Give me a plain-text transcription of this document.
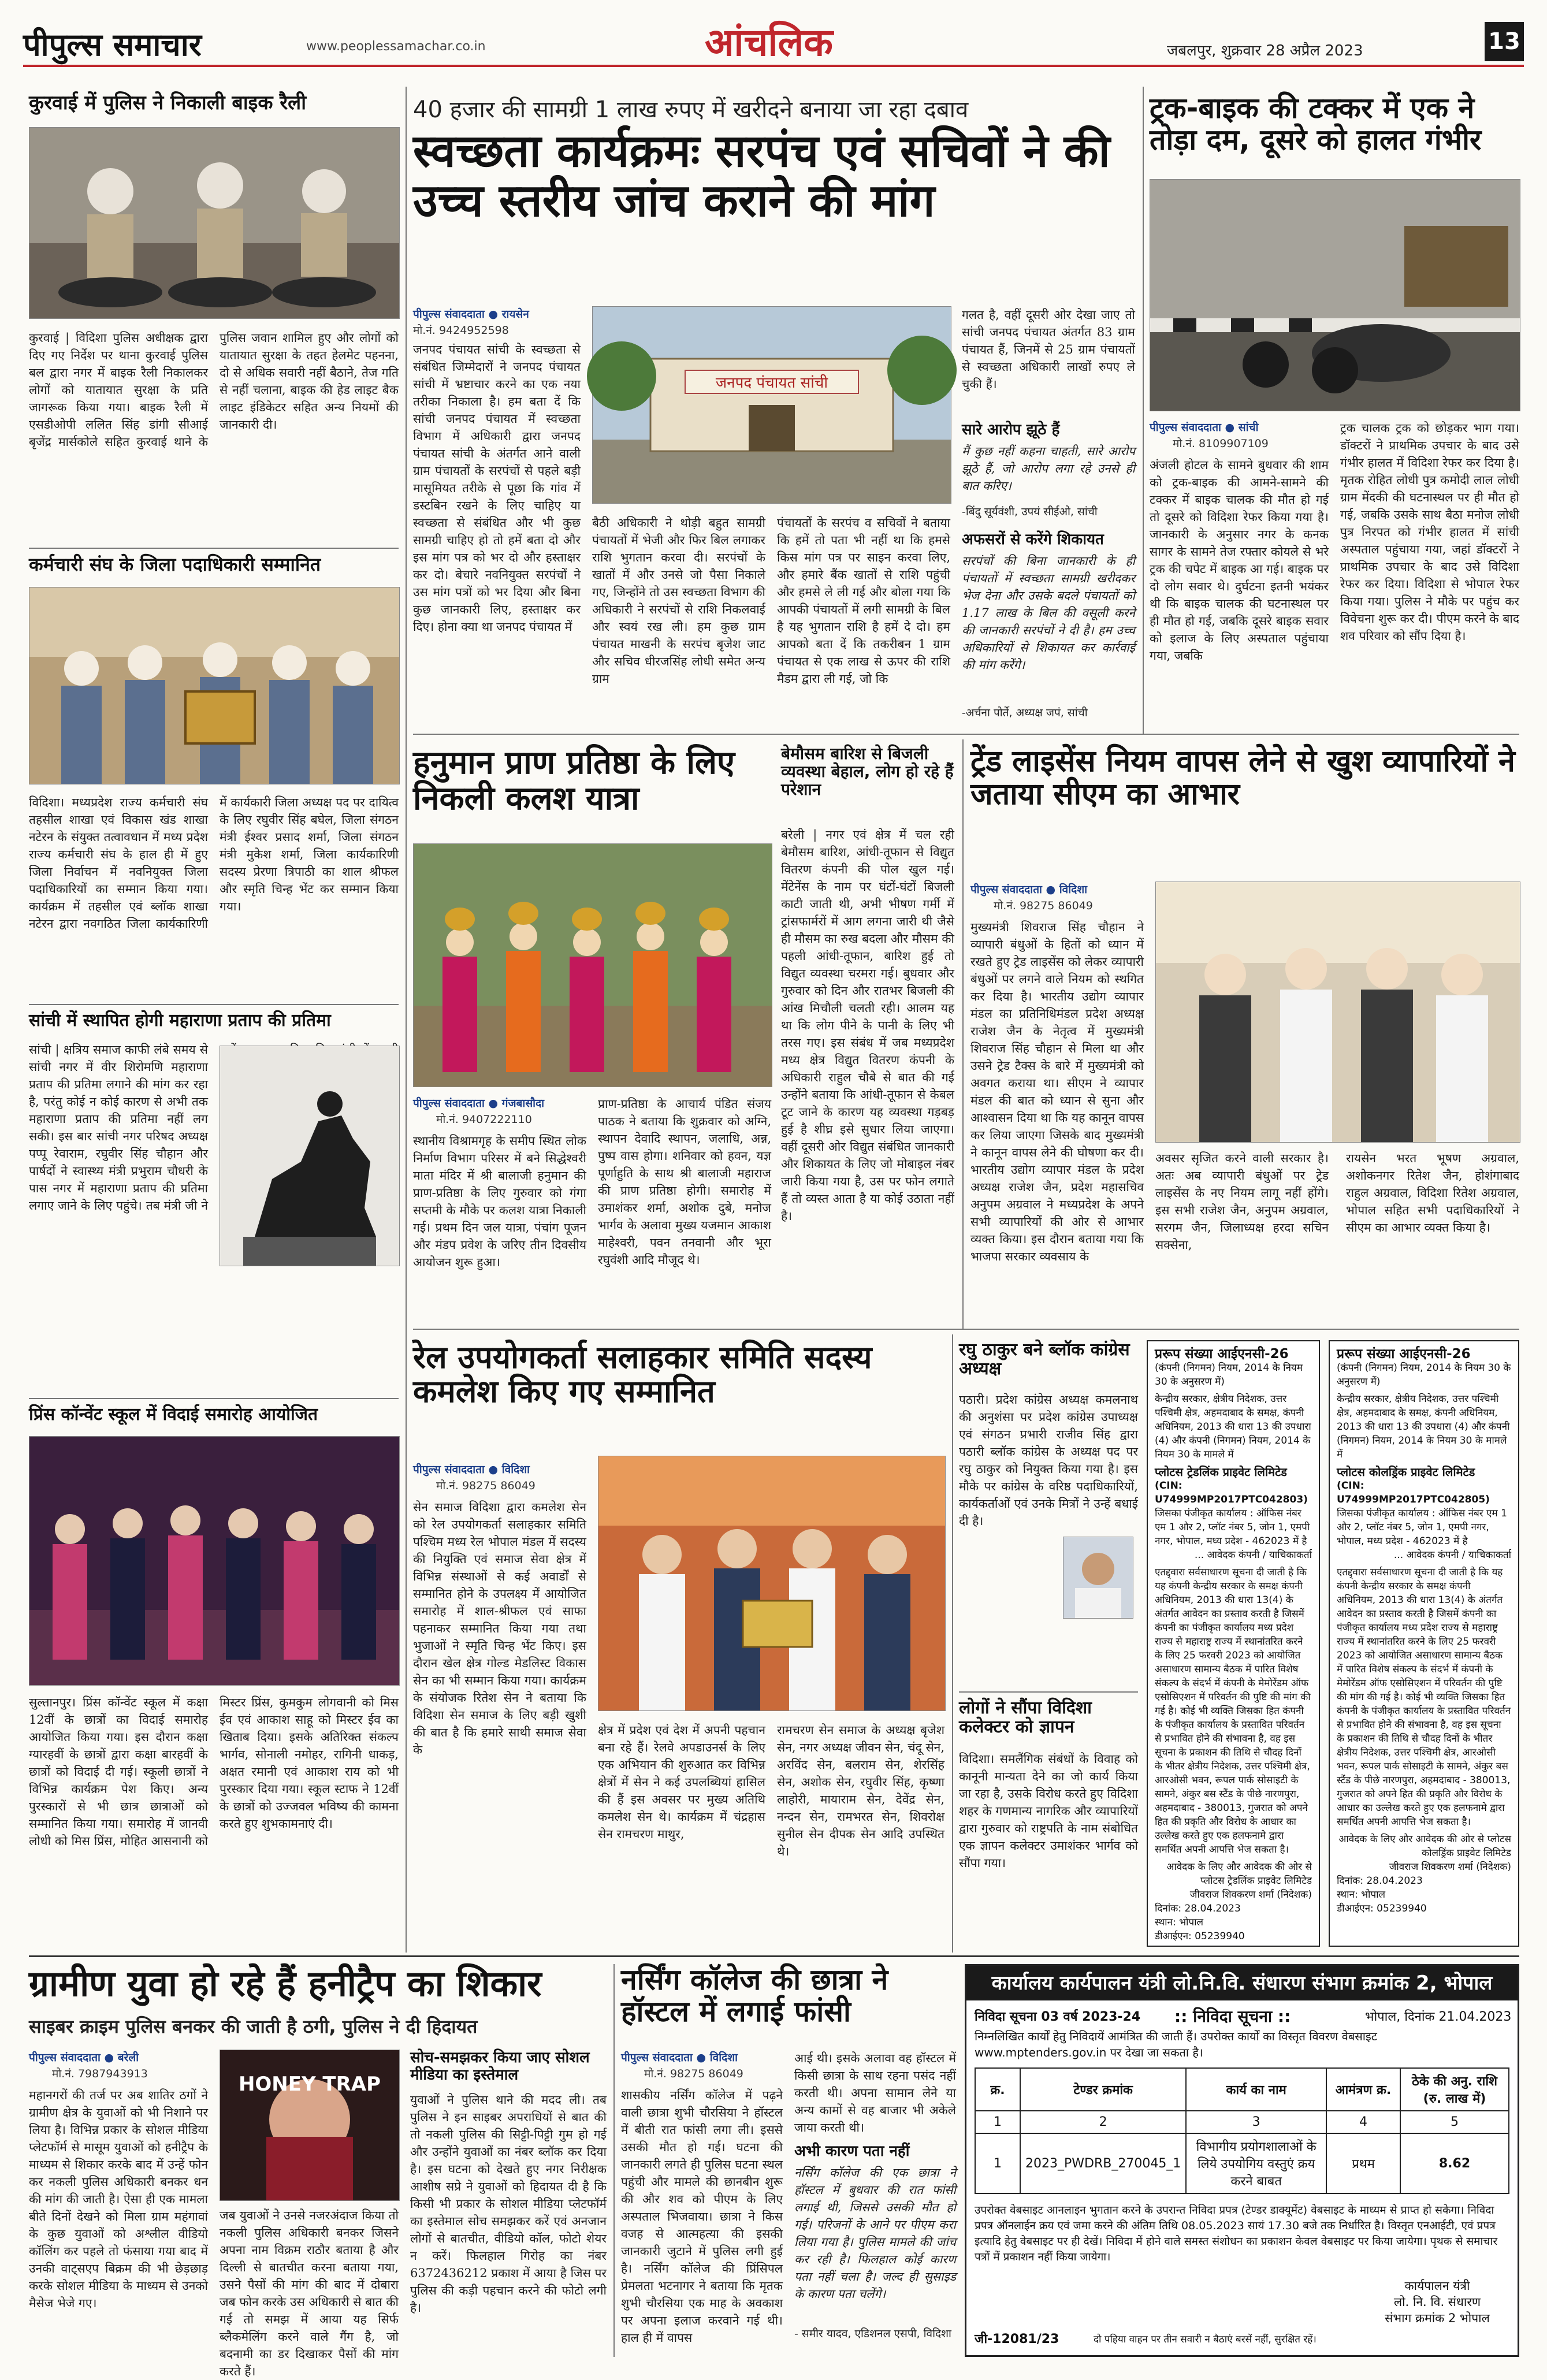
पीपुल्स समाचार	www.peoplessamachar.co.in	आंचलिक	जबलपुर, शुक्रवार 28 अप्रैल 2023	13
कुरवाई में पुलिस ने निकाली बाइक रैली
कुरवाई | विदिशा पुलिस अधीक्षक द्वारा दिए गए निर्देश पर थाना कुरवाई पुलिस बल द्वारा नगर में बाइक रैली निकालकर लोगों को यातायात सुरक्षा के प्रति जागरूक किया गया। बाइक रैली में एसडीओपी ललित सिंह डांगी सीआई बृजेंद्र मार्सकोले सहित कुरवाई थाने के पुलिस जवान शामिल हुए और लोगों को यातायात सुरक्षा के तहत हेलमेट पहनना, दो से अधिक सवारी नहीं बैठाने, तेज गति से नहीं चलाना, बाइक की हेड लाइट बैक लाइट इंडिकेटर सहित अन्य नियमों की जानकारी दी।
कर्मचारी संघ के जिला पदाधिकारी सम्मानित
विदिशा। मध्यप्रदेश राज्य कर्मचारी संघ तहसील शाखा एवं विकास खंड शाखा नटेरन के संयुक्त तत्वावधान में मध्य प्रदेश राज्य कर्मचारी संघ के हाल ही में हुए जिला निर्वाचन में नवनियुक्त जिला पदाधिकारियों का सम्मान किया गया। कार्यक्रम में तहसील एवं ब्लॉक शाखा नटेरन द्वारा नवगठित जिला कार्यकारिणी में कार्यकारी जिला अध्यक्ष पद पर दायित्व के लिए रघुवीर सिंह बघेल, जिला संगठन मंत्री ईश्वर प्रसाद शर्मा, जिला संगठन मंत्री मुकेश शर्मा, जिला कार्यकारिणी सदस्य प्रेरणा त्रिपाठी का शाल श्रीफल और स्मृति चिन्ह भेंट कर सम्मान किया गया।
सांची में स्थापित होगी महाराणा प्रताप की प्रतिमा
सांची | क्षत्रिय समाज काफी लंबे समय से सांची नगर में वीर शिरोमणि महाराणा प्रताप की प्रतिमा लगाने की मांग कर रहा है, परंतु कोई न कोई कारण से अभी तक महाराणा प्रताप की प्रतिमा नहीं लग सकी। इस बार सांची नगर परिषद अध्यक्ष पप्पू रेवाराम, रघुवीर सिंह चौहान और पार्षदों ने स्वास्थ्य मंत्री प्रभुराम चौधरी के पास नगर में महाराणा प्रताप की प्रतिमा लगाए जाने के लिए पहुंचे। तब मंत्री जी ने
प्रिंस कॉन्वेंट स्कूल में विदाई समारोह आयोजित
सुल्तानपुर। प्रिंस कॉन्वेंट स्कूल में कक्षा 12वीं के छात्रों का विदाई समारोह आयोजित किया गया। इस दौरान कक्षा ग्यारहवीं के छात्रों द्वारा कक्षा बारहवीं के छात्रों को विदाई दी गई। स्कूली छात्रों ने विभिन्न कार्यक्रम पेश किए। अन्य पुरस्कारों से भी छात्र छात्राओं को सम्मानित किया गया। समारोह में जानवी लोधी को मिस प्रिंस, मोहित आसनानी को मिस्टर प्रिंस, कुमकुम लोगवानी को मिस ईव एवं आकाश साहू को मिस्टर ईव का खिताब दिया। इसके अतिरिक्त संकल्प भार्गव, सोनाली नमोहर, रागिनी धाकड़, अक्षत रमानी एवं आकाश राय को भी पुरस्कार दिया गया। स्कूल स्टाफ ने 12वीं के छात्रों को उज्जवल भविष्य की कामना करते हुए शुभकामनाएं दी।
40 हजार की सामग्री 1 लाख रुपए में खरीदने बनाया जा रहा दबाव
स्वच्छता कार्यक्रमः सरपंच एवं सचिवों ने की उच्च स्तरीय जांच कराने की मांग
पीपुल्स संवाददाता ● रायसेन
मो.नं. 9424952598
जनपद पंचायत सांची के स्वच्छता से संबंधित जिम्मेदारों ने जनपद पंचायत सांची में भ्रष्टाचार करने का एक नया तरीका निकाला है। हम बता दें कि सांची जनपद पंचायत में स्वच्छता विभाग में अधिकारी द्वारा जनपद पंचायत सांची के अंतर्गत आने वाली ग्राम पंचायतों के सरपंचों से पहले बड़ी मासूमियत तरीके से पूछा कि गांव में डस्टबिन रखने के लिए चाहिए या स्वच्छता से संबंधित और भी कुछ सामग्री चाहिए हो तो हमें बता दो और इस मांग पत्र को भर दो और हस्ताक्षर कर दो। बेचारे नवनियुक्त सरपंचों ने उस मांग पत्रों को भर दिया और बिना कुछ जानकारी लिए, हस्ताक्षर कर दिए। होना क्या था जनपद पंचायत में
जनपद पंचायत सांची
बैठी अधिकारी ने थोड़ी बहुत सामग्री पंचायतों में भेजी और फिर बिल लगाकर राशि भुगतान करवा दी। सरपंचों के खातों में और उनसे जो पैसा निकाले गए, जिन्होंने तो उस स्वच्छता विभाग की अधिकारी ने सरपंचों से राशि निकलवाई और स्वयं रख ली। हम कुछ ग्राम पंचायत माखनी के सरपंच बृजेश जाट और सचिव धीरजसिंह लोधी समेत अन्य ग्राम
पंचायतों के सरपंच व सचिवों ने बताया कि हमें तो पता भी नहीं था कि हमसे किस मांग पत्र पर साइन करवा लिए, और हमारे बैंक खातों से राशि पहुंची और हमसे ले ली गई और बोला गया कि आपकी पंचायतों में लगी सामग्री के बिल है यह भुगतान राशि है हमें दे दो। हम आपको बता दें कि तकरीबन 1 ग्राम पंचायत से एक लाख से ऊपर की राशि मैडम द्वारा ली गई, जो कि
गलत है, वहीं दूसरी ओर देखा जाए तो सांची जनपद पंचायत अंतर्गत 83 ग्राम पंचायत हैं, जिनमें से 25 ग्राम पंचायतों से स्वच्छता अधिकारी लाखों रुपए ले चुकी हैं।
सारे आरोप झूठे हैं
मैं कुछ नहीं कहना चाहती, सारे आरोप झूठे हैं, जो आरोप लगा रहे उनसे ही बात करिए।
-बिंदु सूर्यवंशी, उपयं सीईओ, सांची
अफसरों से करेंगे शिकायत
सरपंचों की बिना जानकारी के ही पंचायतों में स्वच्छता सामग्री खरीदकर भेज देना और उसके बदले पंचायतों को 1.17 लाख के बिल की वसूली करने की जानकारी सरपंचों ने दी है। हम उच्च अधिकारियों से शिकायत कर कार्रवाई की मांग करेंगे।
-अर्चना पोर्ते, अध्यक्ष जपं, सांची
ट्रक-बाइक की टक्कर में एक ने तोड़ा दम, दूसरे को हालत गंभीर
पीपुल्स संवाददाता ● सांची
मो.नं. 8109907109
अंजली होटल के सामने बुधवार की शाम को ट्रक-बाइक की आमने-सामने की टक्कर में बाइक चालक की मौत हो गई तो दूसरे को विदिशा रेफर किया गया है। जानकारी के अनुसार नगर के कनक सागर के सामने तेज रफ्तार कोयले से भरे ट्रक की चपेट में बाइक आ गई। बाइक पर दो लोग सवार थे। दुर्घटना इतनी भयंकर थी कि बाइक चालक की घटनास्थल पर ही मौत हो गई, जबकि दूसरे बाइक सवार को इलाज के लिए अस्पताल पहुंचाया गया, जबकि
ट्रक चालक ट्रक को छोड़कर भाग गया। डॉक्टरों ने प्राथमिक उपचार के बाद उसे गंभीर हालत में विदिशा रेफर कर दिया है। मृतक रोहित लोधी पुत्र कमोदी लाल लोधी ग्राम मेंदकी की घटनास्थल पर ही मौत हो गई, जबकि उसके साथ बैठा मनोज लोधी पुत्र निरपत को गंभीर हालत में सांची अस्पताल पहुंचाया गया, जहां डॉक्टरों ने प्राथमिक उपचार के बाद उसे विदिशा रेफर कर दिया। विदिशा से भोपाल रेफर किया गया। पुलिस ने मौके पर पहुंच कर विवेचना शुरू कर दी। पीएम करने के बाद शव परिवार को सौंप दिया है।
हनुमान प्राण प्रतिष्ठा के लिए निकली कलश यात्रा
पीपुल्स संवाददाता ● गंजबासौदा
मो.नं. 9407222110
स्थानीय विश्रामगृह के समीप स्थित लोक निर्माण विभाग परिसर में बने सिद्धेश्वरी माता मंदिर में श्री बालाजी हनुमान की प्राण-प्रतिष्ठा के लिए गुरुवार को गंगा सप्तमी के मौके पर कलश यात्रा निकाली गई। प्रथम दिन जल यात्रा, पंचांग पूजन और मंडप प्रवेश के जरिए तीन दिवसीय आयोजन शुरू हुआ।
प्राण-प्रतिष्ठा के आचार्य पंडित संजय पाठक ने बताया कि शुक्रवार को अग्नि, स्थापन देवादि स्थापन, जलाधि, अन्न, पुष्प वास होगा। शनिवार को हवन, यज्ञ पूर्णाहुति के साथ श्री बालाजी महाराज की प्राण प्रतिष्ठा होगी। समारोह में उमाशंकर शर्मा, अशोक दुबे, मनोज भार्गव के अलावा मुख्य यजमान आकाश माहेश्वरी, पवन तनवानी और भूरा रघुवंशी आदि मौजूद थे।
बेमौसम बारिश से बिजली व्यवस्था बेहाल, लोग हो रहे हैं परेशान
बरेली | नगर एवं क्षेत्र में चल रही बेमौसम बारिश, आंधी-तूफान से विद्युत वितरण कंपनी की पोल खुल गई। मेंटेनेंस के नाम पर घंटों-घंटों बिजली काटी जाती थी, अभी भीषण गर्मी में ट्रांसफार्मरों में आग लगना जारी थी जैसे ही मौसम का रुख बदला और मौसम की पहली आंधी-तूफान, बारिश हुई तो विद्युत व्यवस्था चरमरा गई। बुधवार और गुरुवार को दिन और रातभर बिजली की आंख मिचौली चलती रही। आलम यह था कि लोग पीने के पानी के लिए भी तरस गए। इस संबंध में जब मध्यप्रदेश मध्य क्षेत्र विद्युत वितरण कंपनी के अधिकारी राहुल चौबे से बात की गई उन्होंने बताया कि आंधी-तूफान से केबल टूट जाने के कारण यह व्यवस्था गड़बड़ हुई है शीघ्र इसे सुधार लिया जाएगा। वहीं दूसरी ओर विद्युत संबंधित जानकारी और शिकायत के लिए जो मोबाइल नंबर जारी किया गया है, उस पर फोन लगाते हैं तो व्यस्त आता है या कोई उठाता नहीं है।
ट्रेंड लाइसेंस नियम वापस लेने से खुश व्यापारियों ने जताया सीएम का आभार
पीपुल्स संवाददाता ● विदिशा
मो.नं. 98275 86049
मुख्यमंत्री शिवराज सिंह चौहान ने व्यापारी बंधुओं के हितों को ध्यान में रखते हुए ट्रेड लाइसेंस को लेकर व्यापारी बंधुओं पर लगने वाले नियम को स्थगित कर दिया है। भारतीय उद्योग व्यापार मंडल का प्रतिनिधिमंडल प्रदेश अध्यक्ष राजेश जैन के नेतृत्व में मुख्यमंत्री शिवराज सिंह चौहान से मिला था और उसने ट्रेड टैक्स के बारे में मुख्यमंत्री को अवगत कराया था। सीएम ने व्यापार मंडल की बात को ध्यान से सुना और आश्वासन दिया था कि यह कानून वापस कर लिया जाएगा जिसके बाद मुख्यमंत्री ने कानून वापस लेने की घोषणा कर दी। भारतीय उद्योग व्यापार मंडल के प्रदेश अध्यक्ष राजेश जैन, प्रदेश महासचिव अनुपम अग्रवाल ने मध्यप्रदेश के अपने सभी व्यापारियों की ओर से आभार व्यक्त किया। इस दौरान बताया गया कि भाजपा सरकार व्यवसाय के
अवसर सृजित करने वाली सरकार है। अतः अब व्यापारी बंधुओं पर ट्रेड लाइसेंस के नए नियम लागू नहीं होंगे। इस सभी राजेश जैन, अनुपम अग्रवाल, सरगम जैन, जिलाध्यक्ष हरदा सचिन सक्सेना,
रायसेन भरत भूषण अग्रवाल, अशोकनगर रितेश जैन, होशंगाबाद राहुल अग्रवाल, विदिशा रितेश अग्रवाल, भोपाल सहित सभी पदाधिकारियों ने सीएम का आभार व्यक्त किया है।
रेल उपयोगकर्ता सलाहकार समिति सदस्य कमलेश किए गए सम्मानित
पीपुल्स संवाददाता ● विदिशा
मो.नं. 98275 86049
सेन समाज विदिशा द्वारा कमलेश सेन को रेल उपयोगकर्ता सलाहकार समिति पश्चिम मध्य रेल भोपाल मंडल में सदस्य की नियुक्ति एवं समाज सेवा क्षेत्र में विभिन्न संस्थाओं से कई अवार्डों से सम्मानित होने के उपलक्ष्य में आयोजित समारोह में शाल-श्रीफल एवं साफा पहनाकर सम्मानित किया गया तथा भुजाओं ने स्मृति चिन्ह भेंट किए। इस दौरान खेल क्षेत्र गोल्ड मेडलिस्ट विकास सेन का भी सम्मान किया गया। कार्यक्रम के संयोजक रितेश सेन ने बताया कि विदिशा सेन समाज के लिए बड़ी खुशी की बात है कि हमारे साथी समाज सेवा के
क्षेत्र में प्रदेश एवं देश में अपनी पहचान बना रहे हैं। रेलवे अपडाउनर्स के लिए एक अभियान की शुरुआत कर विभिन्न क्षेत्रों में सेन ने कई उपलब्धियां हासिल की हैं इस अवसर पर मुख्य अतिथि कमलेश सेन थे। कार्यक्रम में चंद्रहास सेन रामचरण माथुर,
रामचरण सेन समाज के अध्यक्ष बृजेश सेन, नगर अध्यक्ष जीवन सेन, चंदू सेन, अरविंद सेन, बलराम सेन, शेरसिंह सेन, अशोक सेन, रघुवीर सिंह, कृष्णा लाहोरी, मायाराम सेन, देवेंद्र सेन, नन्दन सेन, रामभरत सेन, शिवरोक्ष सुनील सेन दीपक सेन आदि उपस्थित थे।
रघु ठाकुर बने ब्लॉक कांग्रेस अध्यक्ष
पठारी। प्रदेश कांग्रेस अध्यक्ष कमलनाथ की अनुशंसा पर प्रदेश कांग्रेस उपाध्यक्ष एवं संगठन प्रभारी राजीव सिंह द्वारा पठारी ब्लॉक कांग्रेस के अध्यक्ष पद पर रघु ठाकुर को नियुक्त किया गया है। इस मौके पर कांग्रेस के वरिष्ठ पदाधिकारियों, कार्यकर्ताओं एवं उनके मित्रों ने उन्हें बधाई दी है।
लोगों ने सौंपा विदिशा कलेक्टर को ज्ञापन
विदिशा। समलैंगिक संबंधों के विवाह को कानूनी मान्यता देने का जो कार्य किया जा रहा है, उसके विरोध करते हुए विदिशा शहर के गणमान्य नागरिक और व्यापारियों द्वारा गुरुवार को राष्ट्रपति के नाम संबोधित एक ज्ञापन कलेक्टर उमाशंकर भार्गव को सौंपा गया।
प्ररूप संख्या आईएनसी-26
(कंपनी (निगमन) नियम, 2014 के नियम 30 के अनुसरण में)
केन्द्रीय सरकार, क्षेत्रीय निदेशक, उत्तर पश्चिमी क्षेत्र, अहमदाबाद के समक्ष, कंपनी अधिनियम, 2013 की धारा 13 की उपधारा (4) और कंपनी (निगमन) नियम, 2014 के नियम 30 के मामले में
प्लोटस ट्रेडलिंक प्राइवेट लिमिटेड
(CIN: U74999MP2017PTC042803)
जिसका पंजीकृत कार्यालय : ऑफिस नंबर एम 1 और 2, प्लॉट नंबर 5, जोन 1, एमपी नगर, भोपाल, मध्य प्रदेश - 462023 में है
... आवेदक कंपनी / याचिकाकर्ता
एतद्द्वारा सर्वसाधारण सूचना दी जाती है कि यह कंपनी केन्द्रीय सरकार के समक्ष कंपनी अधिनियम, 2013 की धारा 13(4) के अंतर्गत आवेदन का प्रस्ताव करती है जिसमें कंपनी का पंजीकृत कार्यालय मध्य प्रदेश राज्य से महाराष्ट्र राज्य में स्थानांतरित करने के लिए 25 फरवरी 2023 को आयोजित असाधारण सामान्य बैठक में पारित विशेष संकल्प के संदर्भ में कंपनी के मेमोरेंडम ऑफ एसोसिएशन में परिवर्तन की पुष्टि की मांग की गई है। कोई भी व्यक्ति जिसका हित कंपनी के पंजीकृत कार्यालय के प्रस्तावित परिवर्तन से प्रभावित होने की संभावना है, वह इस सूचना के प्रकाशन की तिथि से चौदह दिनों के भीतर क्षेत्रीय निदेशक, उत्तर पश्चिमी क्षेत्र, आरओसी भवन, रूपल पार्क सोसाइटी के सामने, अंकुर बस स्टैंड के पीछे नारणपुरा, अहमदाबाद - 380013, गुजरात को अपने हित की प्रकृति और विरोध के आधार का उल्लेख करते हुए एक हलफनामे द्वारा समर्थित अपनी आपत्ति भेज सकता है।
आवेदक के लिए और आवेदक की ओर से प्लोटस ट्रेडलिंक प्राइवेट लिमिटेड
जीवराज शिवकरण शर्मा (निदेशक)
दिनांक: 28.04.2023
स्थान: भोपाल
डीआईएन: 05239940
प्ररूप संख्या आईएनसी-26
(कंपनी (निगमन) नियम, 2014 के नियम 30 के अनुसरण में)
केन्द्रीय सरकार, क्षेत्रीय निदेशक, उत्तर पश्चिमी क्षेत्र, अहमदाबाद के समक्ष, कंपनी अधिनियम, 2013 की धारा 13 की उपधारा (4) और कंपनी (निगमन) नियम, 2014 के नियम 30 के मामले में
प्लोटस कोलड्रिंक प्राइवेट लिमिटेड
(CIN: U74999MP2017PTC042805)
जिसका पंजीकृत कार्यालय : ऑफिस नंबर एम 1 और 2, प्लॉट नंबर 5, जोन 1, एमपी नगर, भोपाल, मध्य प्रदेश - 462023 में है
... आवेदक कंपनी / याचिकाकर्ता
एतद्द्वारा सर्वसाधारण सूचना दी जाती है कि यह कंपनी केन्द्रीय सरकार के समक्ष कंपनी अधिनियम, 2013 की धारा 13(4) के अंतर्गत आवेदन का प्रस्ताव करती है जिसमें कंपनी का पंजीकृत कार्यालय मध्य प्रदेश राज्य से महाराष्ट्र राज्य में स्थानांतरित करने के लिए 25 फरवरी 2023 को आयोजित असाधारण सामान्य बैठक में पारित विशेष संकल्प के संदर्भ में कंपनी के मेमोरेंडम ऑफ एसोसिएशन में परिवर्तन की पुष्टि की मांग की गई है। कोई भी व्यक्ति जिसका हित कंपनी के पंजीकृत कार्यालय के प्रस्तावित परिवर्तन से प्रभावित होने की संभावना है, वह इस सूचना के प्रकाशन की तिथि से चौदह दिनों के भीतर क्षेत्रीय निदेशक, उत्तर पश्चिमी क्षेत्र, आरओसी भवन, रूपल पार्क सोसाइटी के सामने, अंकुर बस स्टैंड के पीछे नारणपुरा, अहमदाबाद - 380013, गुजरात को अपने हित की प्रकृति और विरोध के आधार का उल्लेख करते हुए एक हलफनामे द्वारा समर्थित अपनी आपत्ति भेज सकता है।
आवेदक के लिए और आवेदक की ओर से प्लोटस कोलड्रिंक प्राइवेट लिमिटेड
जीवराज शिवकरण शर्मा (निदेशक)
दिनांक: 28.04.2023
स्थान: भोपाल
डीआईएन: 05239940
ग्रामीण युवा हो रहे हैं हनीट्रैप का शिकार
साइबर क्राइम पुलिस बनकर की जाती है ठगी, पुलिस ने दी हिदायत
पीपुल्स संवाददाता ● बरेली
मो.नं. 7987943913
महानगरों की तर्ज पर अब शातिर ठगों ने ग्रामीण क्षेत्र के युवाओं को भी निशाने पर लिया है। विभिन्न प्रकार के सोशल मीडिया प्लेटफॉर्म से मासूम युवाओं को हनीट्रैप के माध्यम से शिकार करके बाद में उन्हें फोन कर नकली पुलिस अधिकारी बनकर धन की मांग की जाती है। ऐसा ही एक मामला बीते दिनों देखने को मिला ग्राम महंगावां के कुछ युवाओं को अश्लील वीडियो कॉलिंग कर पहले तो फंसाया गया बाद में उनकी वाट्सएप बिक्रम की भी छेड़छाड़ करके सोशल मीडिया के माध्यम से उनको मैसेज भेजे गए।
HONEY TRAP
जब युवाओं ने उनसे नजरअंदाज किया तो नकली पुलिस अधिकारी बनकर जिसने अपना नाम विक्रम राठौर बताया है और दिल्ली से बातचीत करना बताया गया, उसने पैसों की मांग की बाद में दोबारा जब फोन करके उस अधिकारी से बात की गई तो समझ में आया यह सिर्फ ब्लैकमेलिंग करने वाले गैंग है, जो बदनामी का डर दिखाकर पैसों की मांग करते हैं।
सोच-समझकर किया जाए सोशल मीडिया का इस्तेमाल
युवाओं ने पुलिस थाने की मदद ली। तब पुलिस ने इन साइबर अपराधियों से बात की तो नकली पुलिस की सिट्टी-पिट्टी गुम हो गई और उन्होंने युवाओं का नंबर ब्लॉक कर दिया है। इस घटना को देखते हुए नगर निरीक्षक आशीष सप्रे ने युवाओं को हिदायत दी है कि किसी भी प्रकार के सोशल मीडिया प्लेटफॉर्म का इस्तेमाल सोच समझकर करें एवं अनजान लोगों से बातचीत, वीडियो कॉल, फोटो शेयर न करें। फिलहाल गिरोह का नंबर 6372436212 प्रकाश में आया है जिस पर पुलिस की कड़ी पहचान करने की फोटो लगी है।
नर्सिंग कॉलेज की छात्रा ने हॉस्टल में लगाई फांसी
पीपुल्स संवाददाता ● विदिशा
मो.नं. 98275 86049
शासकीय नर्सिंग कॉलेज में पढ़ने वाली छात्रा शुभी चौरसिया ने हॉस्टल में बीती रात फांसी लगा ली। इससे उसकी मौत हो गई। घटना की जानकारी लगते ही पुलिस घटना स्थल पहुंची और मामले की छानबीन शुरू की और शव को पीएम के लिए अस्पताल भिजवाया। छात्रा ने किस वजह से आत्महत्या की इसकी जानकारी जुटाने में पुलिस लगी हुई है। नर्सिंग कॉलेज की प्रिंसिपल प्रेमलता भटनागर ने बताया कि मृतक शुभी चौरसिया एक माह के अवकाश पर अपना इलाज करवाने गई थी। हाल ही में वापस
आई थी। इसके अलावा वह हॉस्टल में किसी छात्रा के साथ रहना पसंद नहीं करती थी। अपना सामान लेने या अन्य कामों से वह बाजार भी अकेले जाया करती थी।
अभी कारण पता नहीं
नर्सिंग कॉलेज की एक छात्रा ने हॉस्टल में बुधवार की रात फांसी लगाई थी, जिससे उसकी मौत हो गई। परिजनों के आने पर पीएम करा लिया गया है। पुलिस मामले की जांच कर रही है। फिलहाल कोई कारण पता नहीं चला है। जल्द ही सुसाइड के कारण पता चलेंगे।
- समीर यादव, एडिशनल एसपी, विदिशा
कार्यालय कार्यपालन यंत्री लो.नि.वि. संधारण संभाग क्रमांक 2, भोपाल
निविदा सूचना 03 वर्ष 2023-24 :: निविदा सूचना ::	भोपाल, दिनांक 21.04.2023
निम्नलिखित कार्यों हेतु निविदायें आमंत्रित की जाती हैं। उपरोक्त कार्यों का विस्तृत विवरण वेबसाइट www.mptenders.gov.in पर देखा जा सकता है।
क्र.	टेण्डर क्रमांक	कार्य का नाम	आमंत्रण क्र.	ठेके की अनु. राशि (रु. लाख में)
1	2	3	4	5
1	2023_PWDRB_270045_1	विभागीय प्रयोगशालाओं के लिये उपयोगिय वस्तुएं क्रय करने बाबत	प्रथम	8.62
उपरोक्त वेबसाइट आनलाइन भुगतान करने के उपरान्त निविदा प्रपत्र (टेण्डर डाक्यूमेंट) वेबसाइट के माध्यम से प्राप्त हो सकेगा। निविदा प्रपत्र ऑनलाईन क्रय एवं जमा करने की अंतिम तिथि 08.05.2023 सायं 17.30 बजे तक निर्धारित है। विस्तृत एनआईटी, एवं प्रपत्र इत्यादि हेतु वेबसाइट पर ही देखें। निविदा में होने वाले समस्त संशोधन का प्रकाशन केवल वेबसाइट पर किया जायेगा। पृथक से समाचार पत्रों में प्रकाशन नहीं किया जायेगा।
कार्यपालन यंत्री
लो. नि. वि. संधारण
संभाग क्रमांक 2 भोपाल
जी-12081/23	दो पहिया वाहन पर तीन सवारी न बैठाएं बरसें नहीं, सुरक्षित रहें।
